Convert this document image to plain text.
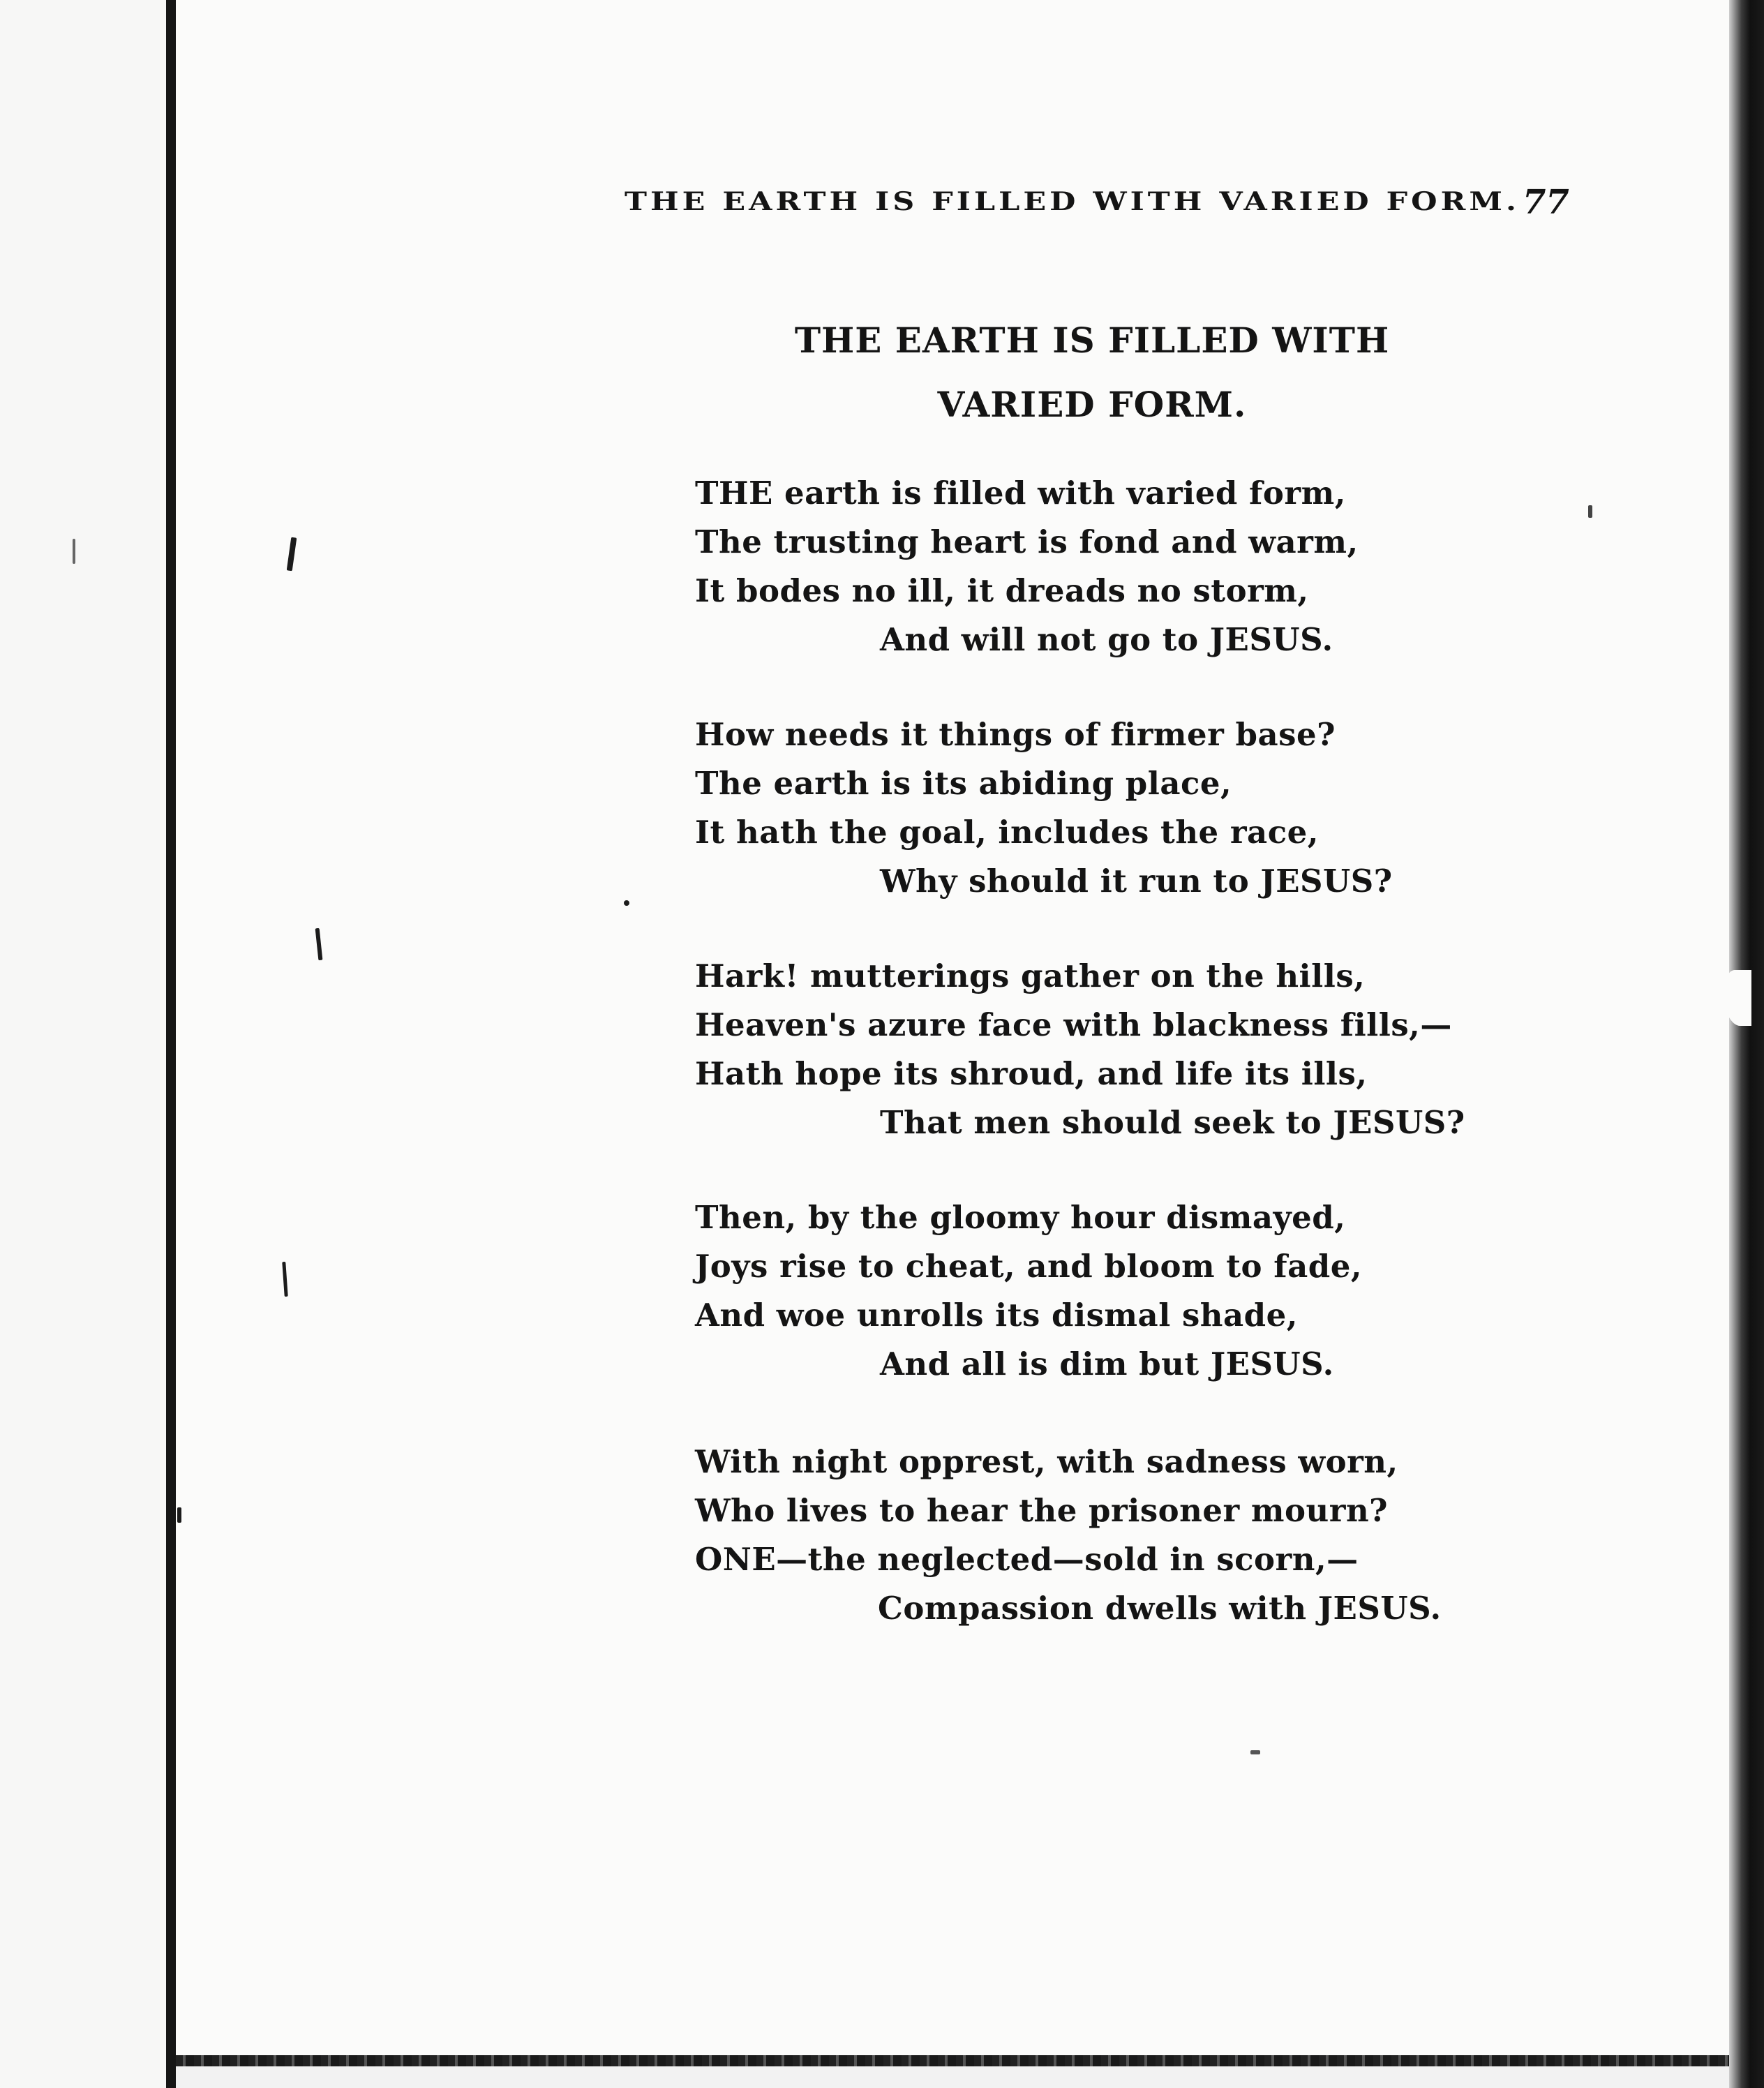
THE EARTH IS FILLED WITH VARIED FORM. 77
THE EARTH IS FILLED WITH
VARIED FORM.
THE earth is filled with varied form,
The trusting heart is fond and warm,
It bodes no ill, it dreads no storm,
And will not go to JESUS.
How needs it things of firmer base?
The earth is its abiding place,
It hath the goal, includes the race,
Why should it run to JESUS?
Hark! mutterings gather on the hills,
Heaven's azure face with blackness fills,—
Hath hope its shroud, and life its ills,
That men should seek to JESUS?
Then, by the gloomy hour dismayed,
Joys rise to cheat, and bloom to fade,
And woe unrolls its dismal shade,
And all is dim but JESUS.
With night opprest, with sadness worn,
Who lives to hear the prisoner mourn?
ONE—the neglected—sold in scorn,—
Compassion dwells with JESUS.
